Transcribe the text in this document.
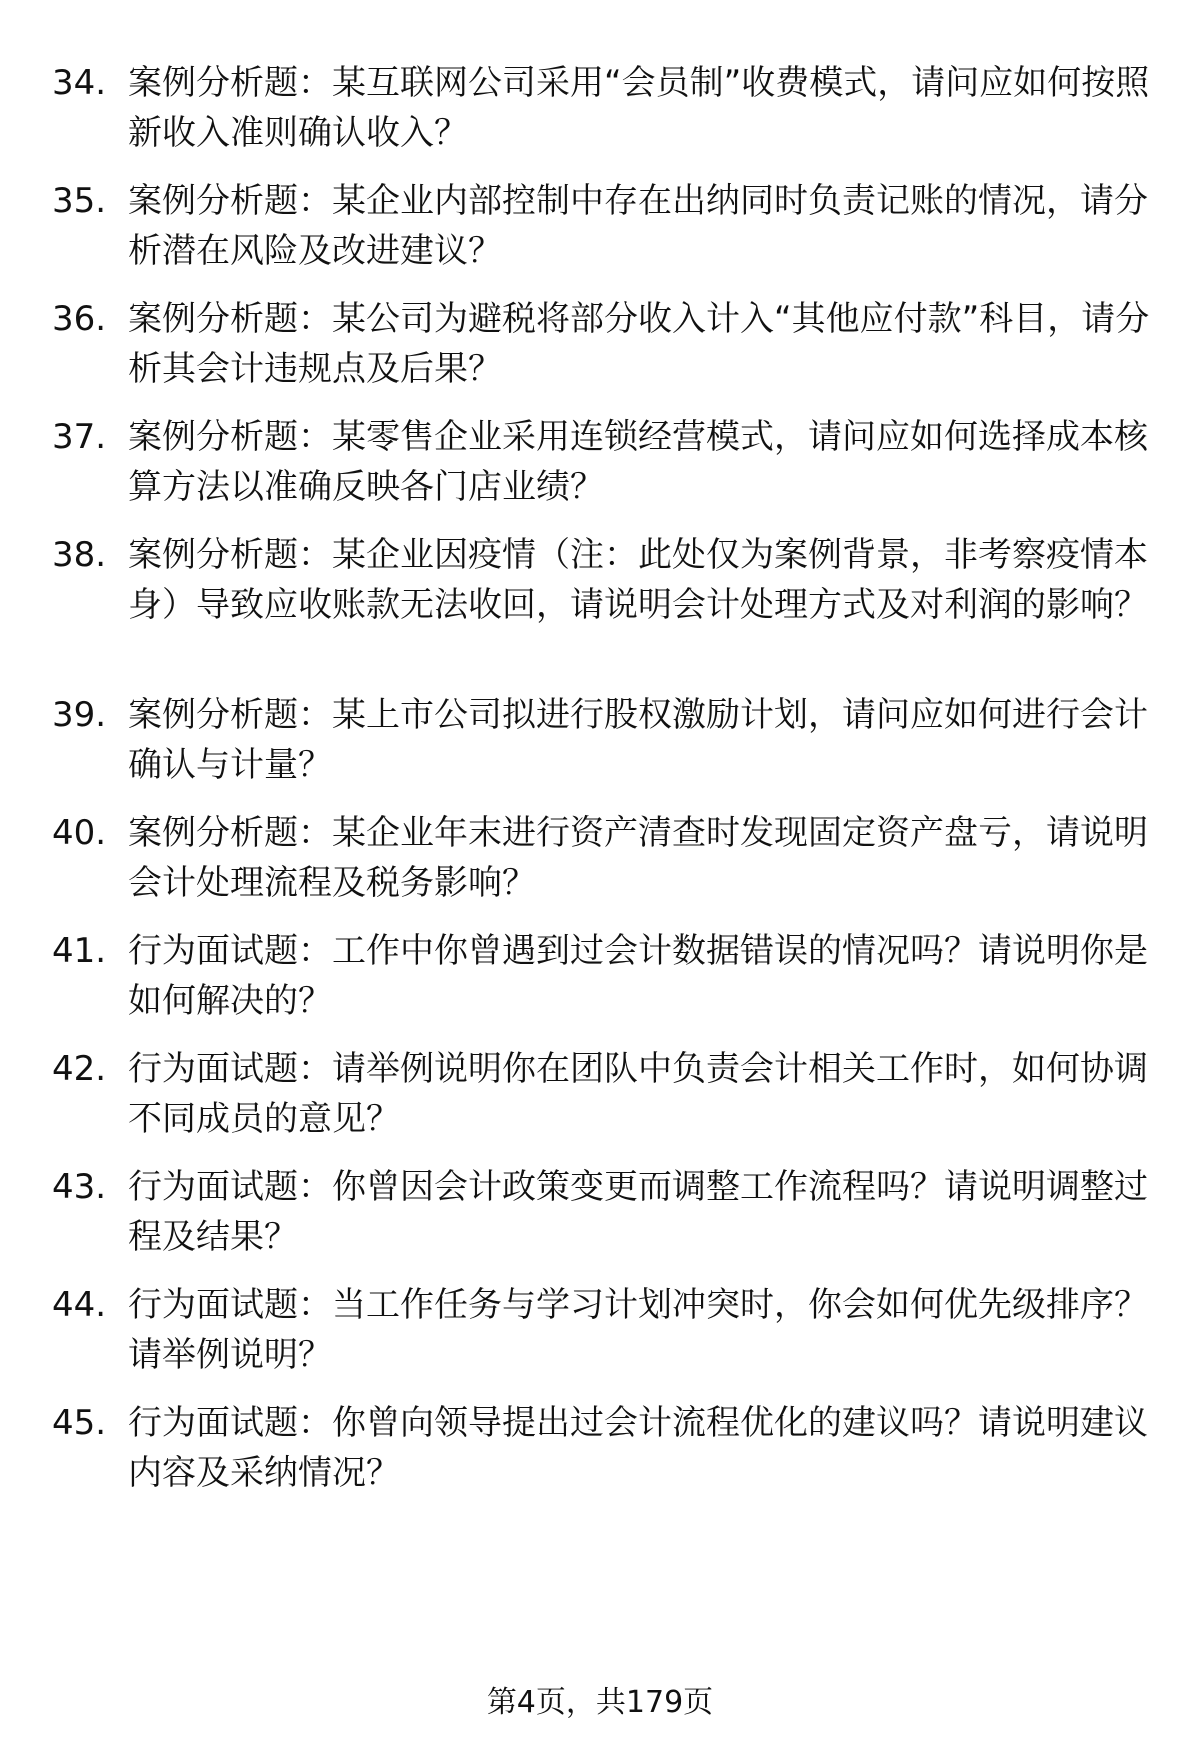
34. 案例分析题：某互联网公司采用“会员制”收费模式，请问应如何按照新收入准则确认收入？
35. 案例分析题：某企业内部控制中存在出纳同时负责记账的情况，请分析潜在风险及改进建议？
36. 案例分析题：某公司为避税将部分收入计入“其他应付款”科目，请分析其会计违规点及后果？
37. 案例分析题：某零售企业采用连锁经营模式，请问应如何选择成本核算方法以准确反映各门店业绩？
38. 案例分析题：某企业因疫情（注：此处仅为案例背景，非考察疫情本身）导致应收账款无法收回，请说明会计处理方式及对利润的影响？
39. 案例分析题：某上市公司拟进行股权激励计划，请问应如何进行会计确认与计量？
40. 案例分析题：某企业年末进行资产清查时发现固定资产盘亏，请说明会计处理流程及税务影响？
41. 行为面试题：工作中你曾遇到过会计数据错误的情况吗？请说明你是如何解决的？
42. 行为面试题：请举例说明你在团队中负责会计相关工作时，如何协调不同成员的意见？
43. 行为面试题：你曾因会计政策变更而调整工作流程吗？请说明调整过程及结果？
44. 行为面试题：当工作任务与学习计划冲突时，你会如何优先级排序？请举例说明？
45. 行为面试题：你曾向领导提出过会计流程优化的建议吗？请说明建议内容及采纳情况？
第4页，共179页
